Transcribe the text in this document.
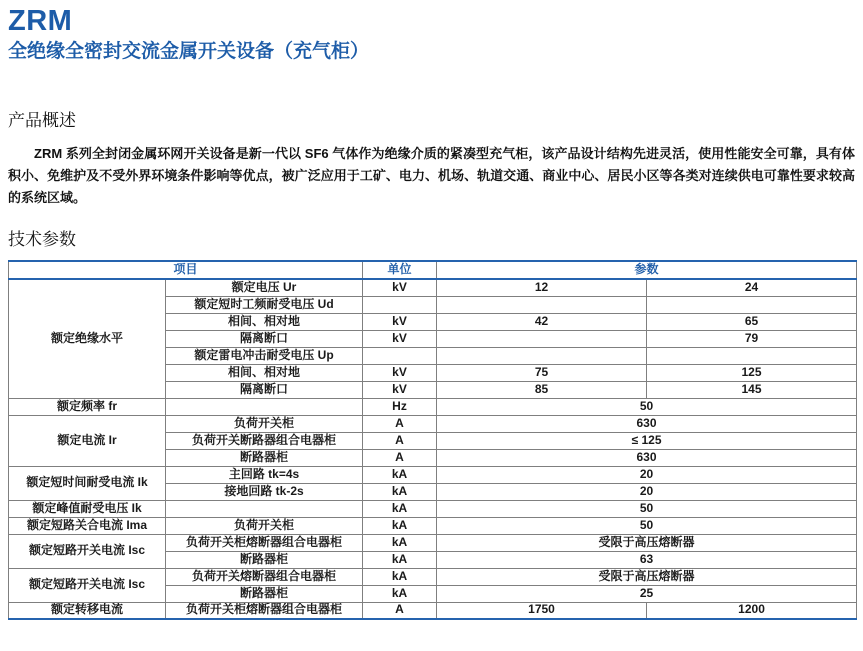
ZRM
全绝缘全密封交流金属开关设备（充气柜）
产品概述

ZRM 系列全封闭金属环网开关设备是新一代以 SF6 气体作为绝缘介质的紧凑型充气柜，该产品设计结构先进灵活，使用性能安全可靠，具有体积小、免维护及不受外界环境条件影响等优点，被广泛应用于工矿、电力、机场、轨道交通、商业中心、居民小区等各类对连续供电可靠性要求较高的系统区域。

技术参数
项目		单位	参数	
额定绝缘水平	额定电压 Ur	kV	12	24
	额定短时工频耐受电压 Ud			
	相间、相对地	kV	42	65
	隔离断口	kV		79
	额定雷电冲击耐受电压 Up			
	相间、相对地	kV	75	125
	隔离断口	kV	85	145
额定频率 fr		Hz	50	
额定电流 Ir	负荷开关柜	A	630	
	负荷开关断路器组合电器柜	A	≤ 125	
	断路器柜	A	630	
额定短时间耐受电流 Ik	主回路 tk=4s	kA	20	
	接地回路 tk-2s	kA	20	
额定峰值耐受电压 Ik		kA	50	
额定短路关合电流 Ima	负荷开关柜	kA	50	
额定短路开关电流 Isc	负荷开关柜熔断器组合电器柜	kA	受限于高压熔断器	
	断路器柜	kA	63	
额定短路开关电流 Isc	负荷开关熔断器组合电器柜	kA	受限于高压熔断器	
	断路器柜	kA	25	
额定转移电流	负荷开关柜熔断器组合电器柜	A	1750	1200
